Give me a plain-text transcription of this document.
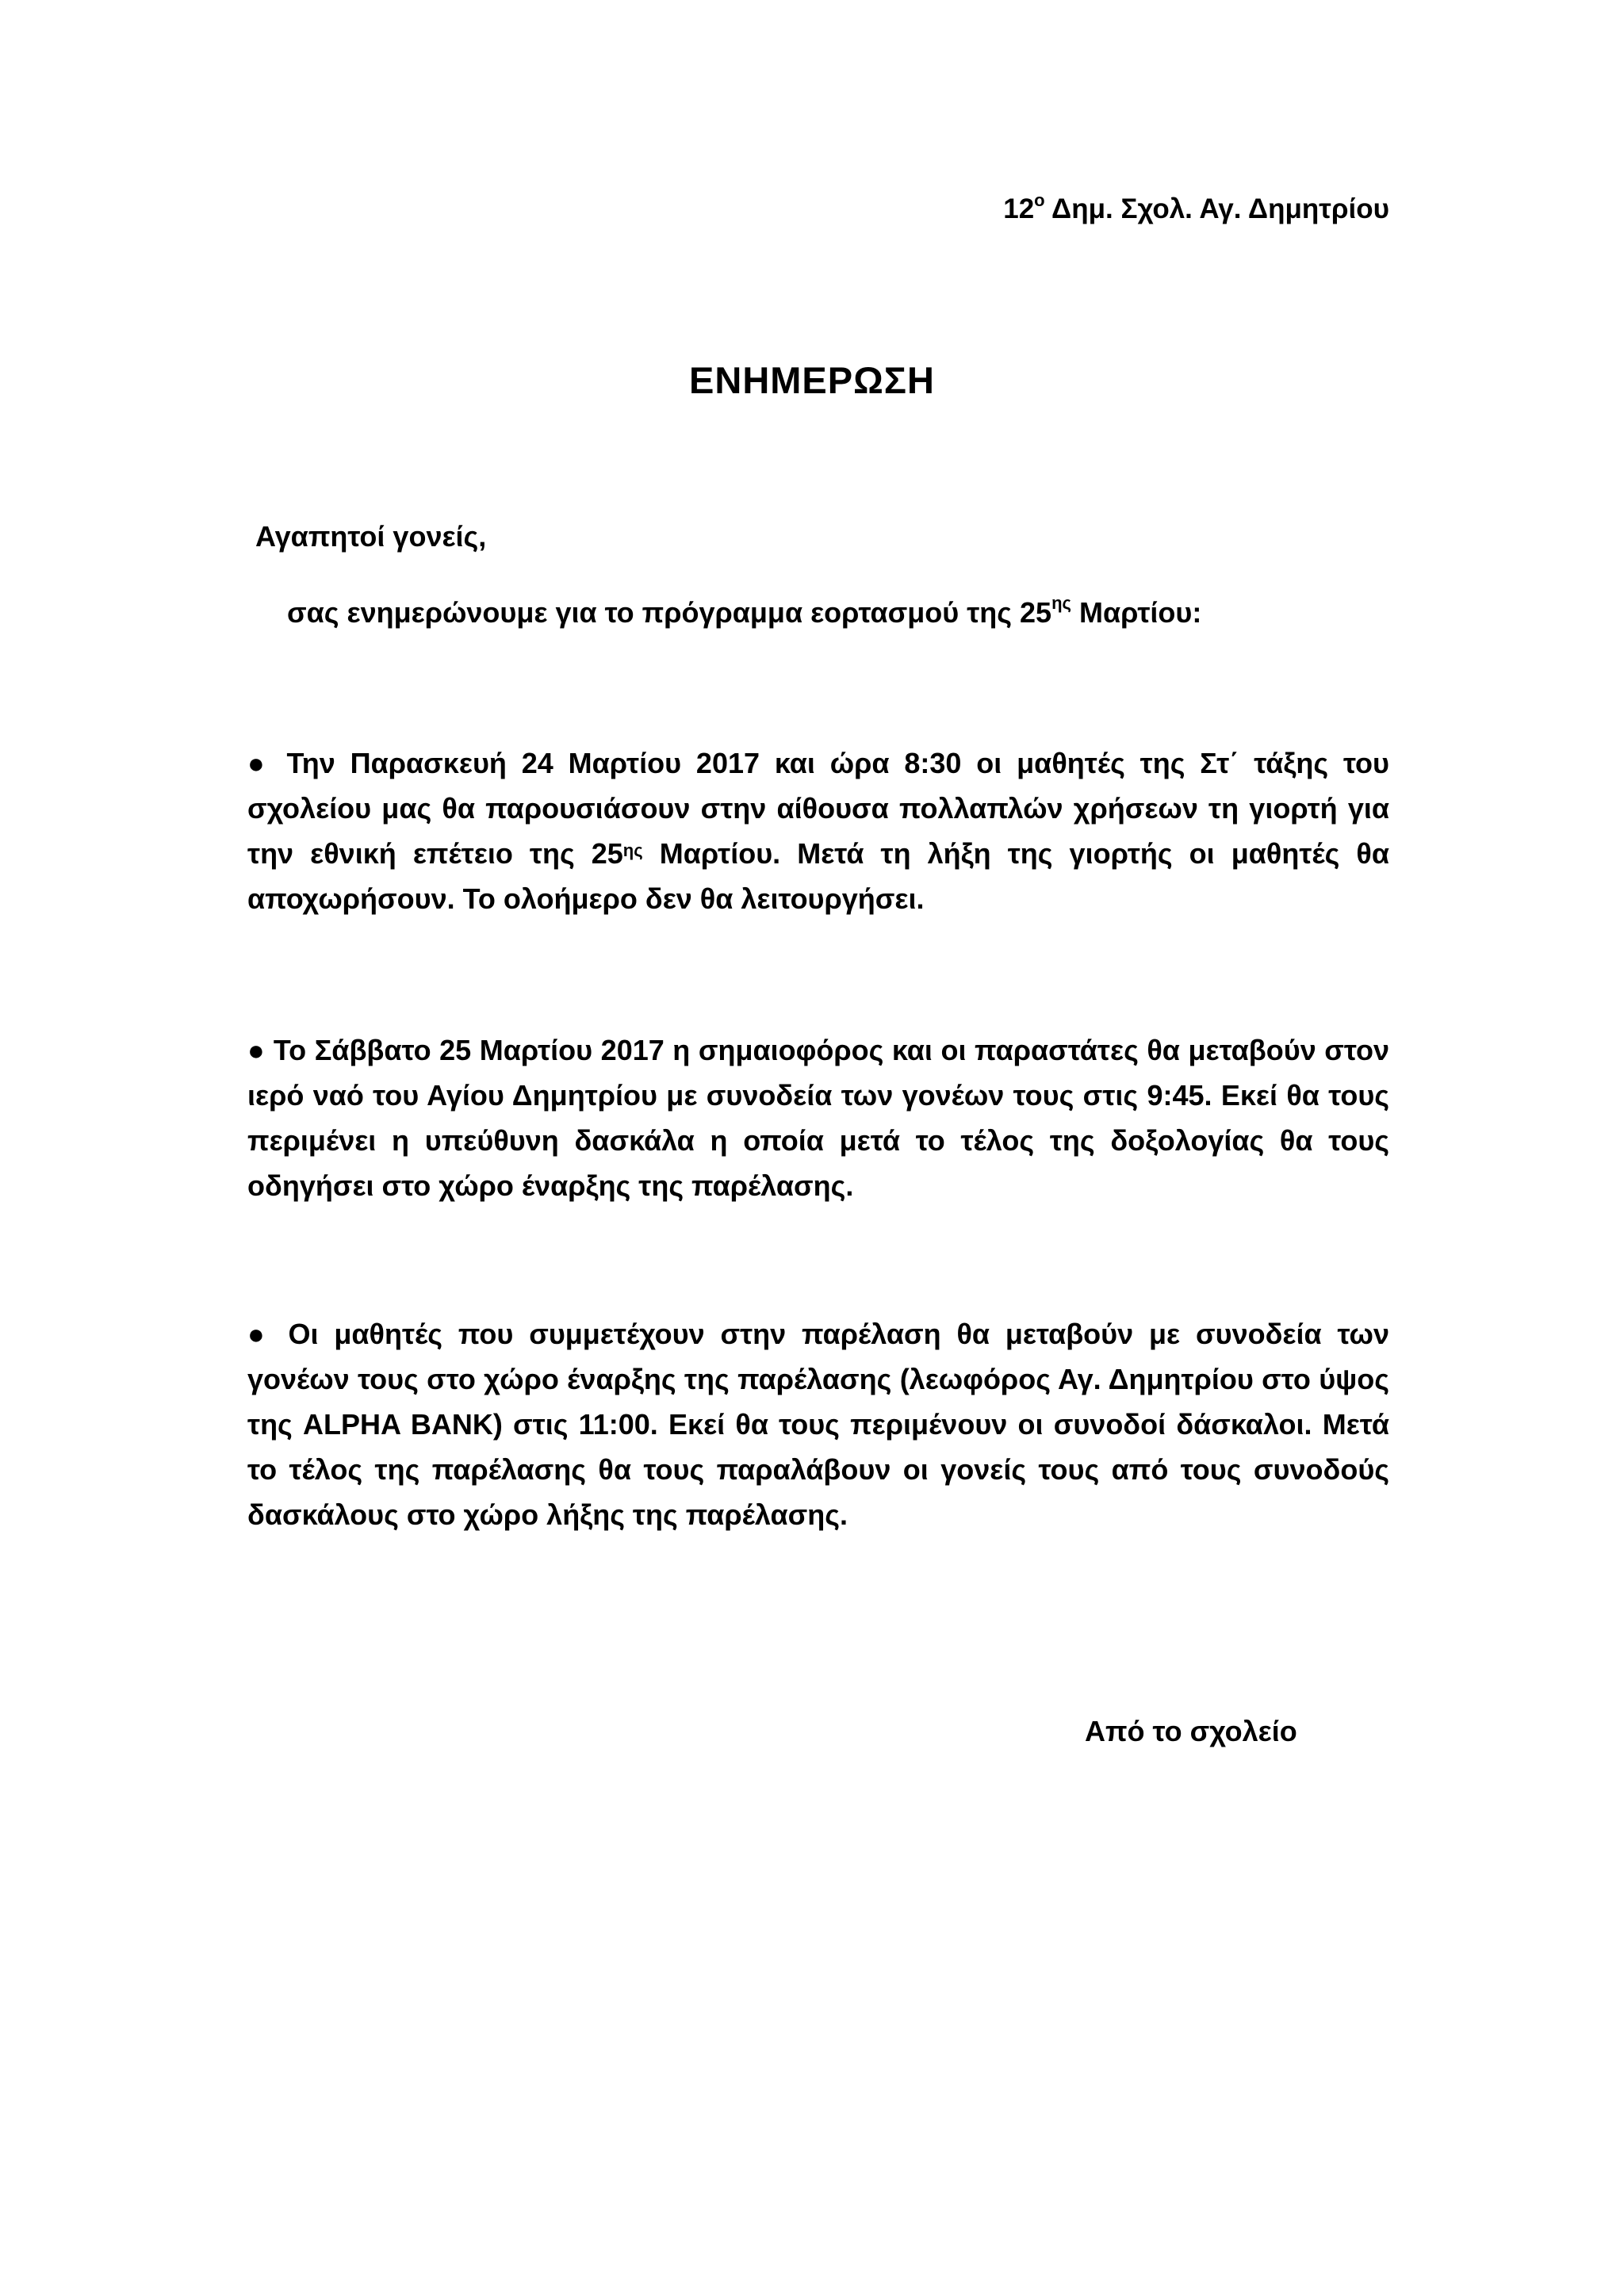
$12^o$ Δημ. Σχολ. Αγ. Δημητρίου
ΕΝΗΜΕΡΩΣΗ
Αγαπητοί γονείς,
σας ενημερώνουμε για το πρόγραμμα εορτασμού της $25^{\eta\varsigma}$ Μαρτίου:

● Την Παρασκευή 24 Μαρτίου 2017 και ώρα 8:30 οι μαθητές της Στ΄ τάξης του σχολείου μας θα παρουσιάσουν στην αίθουσα πολλαπλών χρήσεων τη γιορτή για την εθνική επέτειο της $25^{\eta\varsigma}$ Μαρτίου. Μετά τη λήξη της γιορτής οι μαθητές θα αποχωρήσουν. Το ολοήμερο δεν θα λειτουργήσει.

● Το Σάββατο 25 Μαρτίου 2017 η σημαιοφόρος και οι παραστάτες θα μεταβούν στον ιερό ναό του Αγίου Δημητρίου με συνοδεία των γονέων τους στις 9:45. Εκεί θα τους περιμένει η υπεύθυνη δασκάλα η οποία μετά το τέλος της δοξολογίας θα τους οδηγήσει στο χώρο έναρξης της παρέλασης.

● Οι μαθητές που συμμετέχουν στην παρέλαση θα μεταβούν με συνοδεία των γονέων τους στο χώρο έναρξης της παρέλασης (λεωφόρος Αγ. Δημητρίου στο ύψος της ALPHA BANK) στις 11:00. Εκεί θα τους περιμένουν οι συνοδοί δάσκαλοι. Μετά το τέλος της παρέλασης θα τους παραλάβουν οι γονείς τους από τους συνοδούς δασκάλους στο χώρο λήξης της παρέλασης.

Από το σχολείο
